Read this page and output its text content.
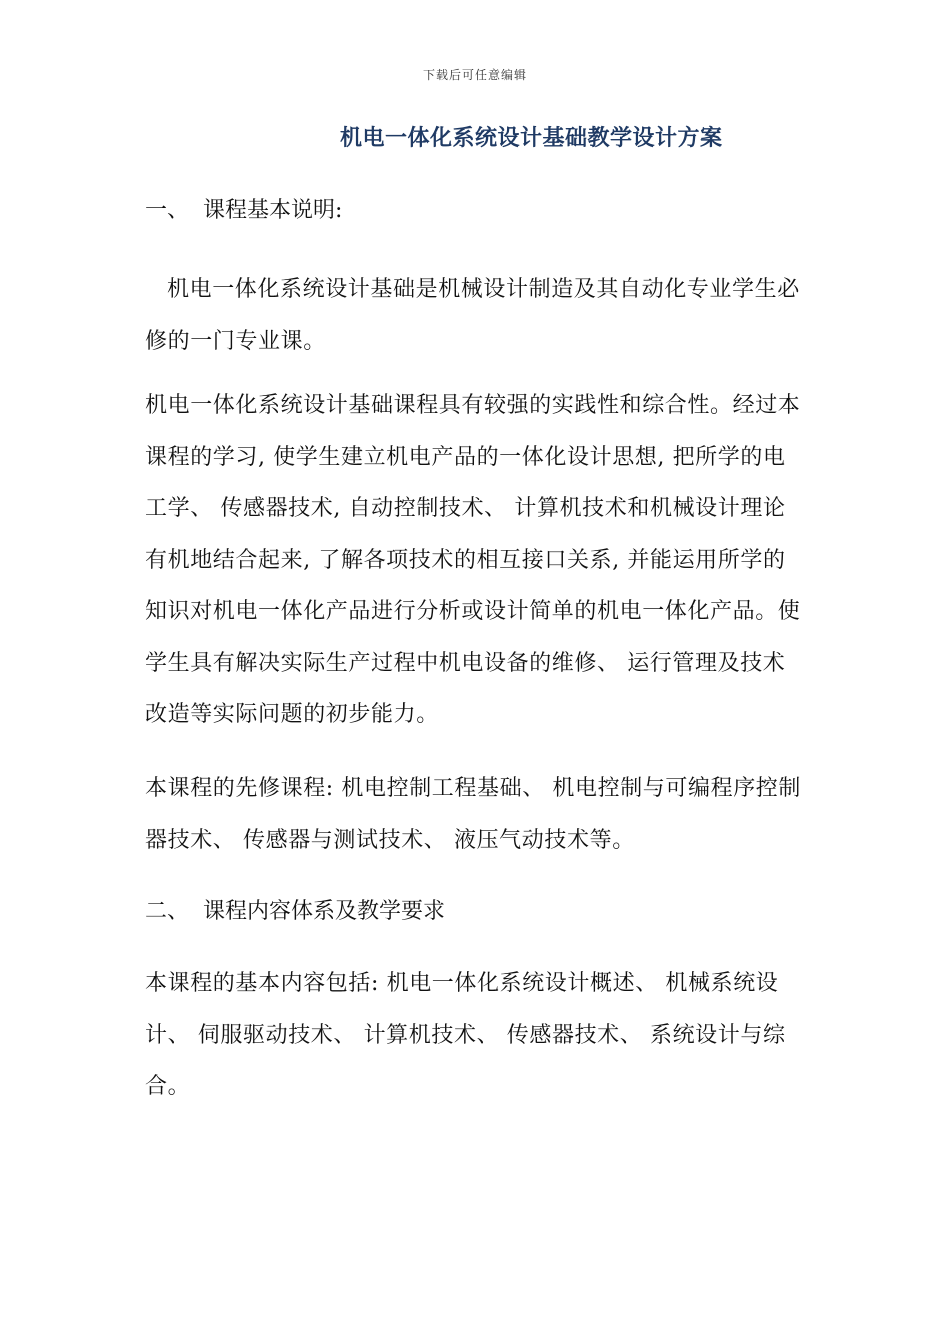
下载后可任意编辑
机电一体化系统设计基础教学设计方案
一、 课程基本说明:
机电一体化系统设计基础是机械设计制造及其自动化专业学生必修的一门专业课。
机电一体化系统设计基础课程具有较强的实践性和综合性。经过本课程的学习, 使学生建立机电产品的一体化设计思想, 把所学的电工学、 传感器技术, 自动控制技术、 计算机技术和机械设计理论有机地结合起来, 了解各项技术的相互接口关系, 并能运用所学的知识对机电一体化产品进行分析或设计简单的机电一体化产品。使学生具有解决实际生产过程中机电设备的维修、 运行管理及技术改造等实际问题的初步能力。
本课程的先修课程: 机电控制工程基础、 机电控制与可编程序控制器技术、 传感器与测试技术、 液压气动技术等。
二、 课程内容体系及教学要求
本课程的基本内容包括: 机电一体化系统设计概述、 机械系统设计、 伺服驱动技术、 计算机技术、 传感器技术、 系统设计与综合。
